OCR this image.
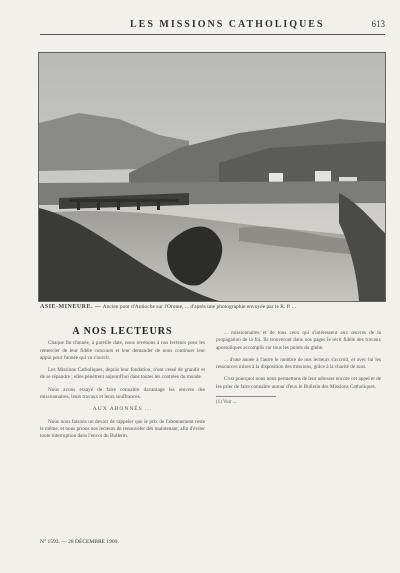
LES MISSIONS CATHOLIQUES	613
ASIE-MINEURE. — Ancien pont d'Antioche sur l'Oronte, ... d'après une photographie envoyée par le R. P. ...

A NOS LECTEURS

Chaque fin d'année, à pareille date, nous revenons à nos lecteurs pour les remercier de leur fidèle concours et leur demander de nous continuer leur appui pour l'année qui va s'ouvrir.

Les Missions Catholiques, depuis leur fondation, n'ont cessé de grandir et de se répandre ; elles pénètrent aujourd'hui dans toutes les contrées du monde.

Nous avons essayé de faire connaître davantage les œuvres des missionnaires, leurs travaux et leurs souffrances.

AUX ABONNÉS ...

Nous nous faisons un devoir de rappeler que le prix de l'abonnement reste le même, et nous prions nos lecteurs de renouveler dès maintenant, afin d'éviter toute interruption dans l'envoi du Bulletin.

... missionnaires et de tous ceux qui s'intéressent aux œuvres de la propagation de la foi. Ils trouveront dans nos pages le récit fidèle des travaux apostoliques accomplis sur tous les points du globe.

... d'une année à l'autre le nombre de nos lecteurs s'accroît, et avec lui les ressources mises à la disposition des missions, grâce à la charité de tous.

C'est pourquoi nous nous permettons de leur adresser encore cet appel et de les prier de faire connaître autour d'eux le Bulletin des Missions Catholiques.

(1) Voir ...
N° 1593. — 28 DÉCEMBRE 1900.
